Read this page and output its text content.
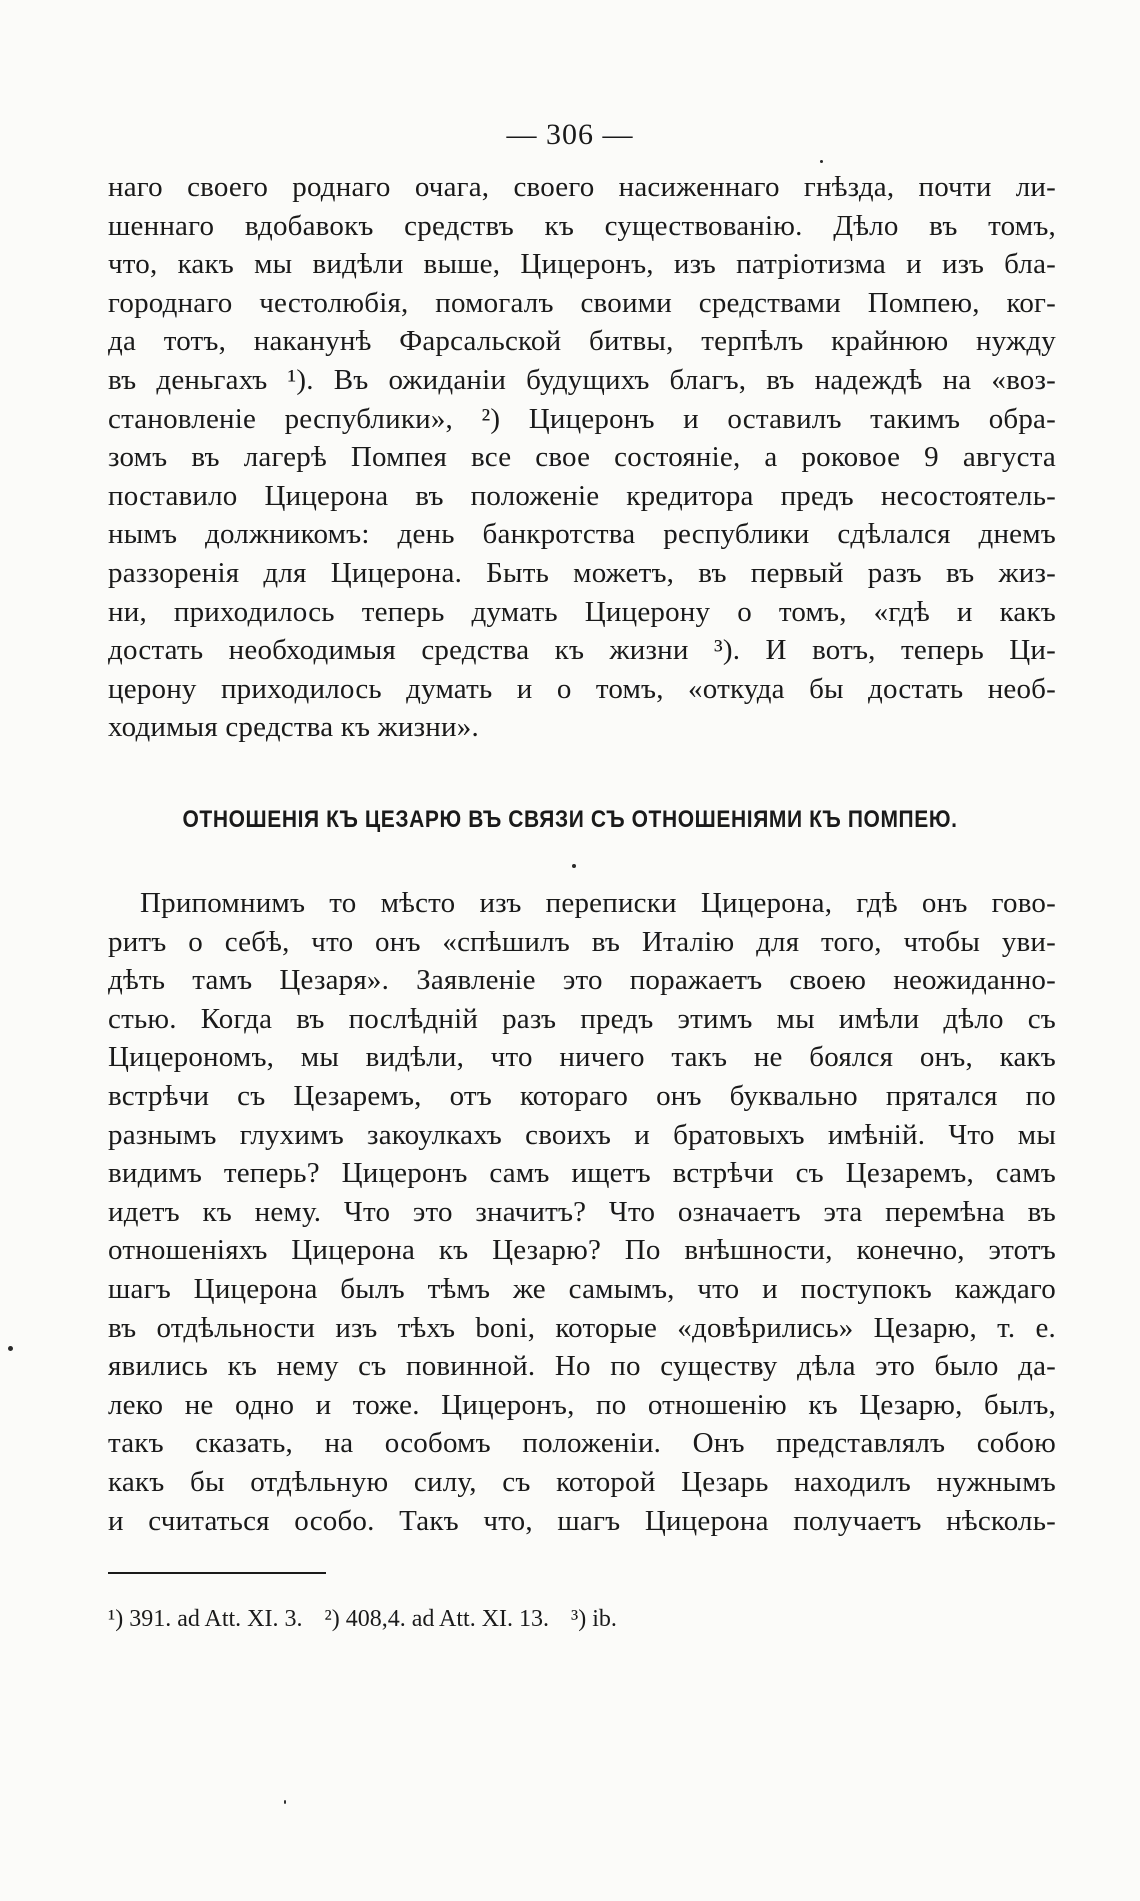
— 306 —
наго своего роднаго очага, своего насиженнаго гнѣзда, почти ли-
шеннаго вдобавокъ средствъ къ существованію. Дѣло въ томъ,
что, какъ мы видѣли выше, Цицеронъ, изъ патріотизма и изъ бла-
городнаго честолюбія, помогалъ своими средствами Помпею, ког-
да тотъ, наканунѣ Фарсальской битвы, терпѣлъ крайнюю нужду
въ деньгахъ ¹). Въ ожиданіи будущихъ благъ, въ надеждѣ на «воз-
становленіе республики», ²) Цицеронъ и оставилъ такимъ обра-
зомъ въ лагерѣ Помпея все свое состояніе, а роковое 9 августа
поставило Цицерона въ положеніе кредитора предъ несостоятель-
нымъ должникомъ: день банкротства республики сдѣлался днемъ
раззоренія для Цицерона. Быть можетъ, въ первый разъ въ жиз-
ни, приходилось теперь думать Цицерону о томъ, «гдѣ и какъ
достать необходимыя средства къ жизни ³). И вотъ, теперь Ци-
церону приходилось думать и о томъ, «откуда бы достать необ-
ходимыя средства къ жизни».
ОТНОШЕНІЯ КЪ ЦЕЗАРЮ ВЪ СВЯЗИ СЪ ОТНОШЕНІЯМИ КЪ ПОМПЕЮ.
Припомнимъ то мѣсто изъ переписки Цицерона, гдѣ онъ гово-
ритъ о себѣ, что онъ «спѣшилъ въ Италію для того, чтобы уви-
дѣть тамъ Цезаря». Заявленіе это поражаетъ своею неожиданно-
стью. Когда въ послѣдній разъ предъ этимъ мы имѣли дѣло съ
Цицерономъ, мы видѣли, что ничего такъ не боялся онъ, какъ
встрѣчи съ Цезаремъ, отъ котораго онъ буквально прятался по
разнымъ глухимъ закоулкахъ своихъ и братовыхъ имѣній. Что мы
видимъ теперь? Цицеронъ самъ ищетъ встрѣчи съ Цезаремъ, самъ
идетъ къ нему. Что это значитъ? Что означаетъ эта перемѣна въ
отношеніяхъ Цицерона къ Цезарю? По внѣшности, конечно, этотъ
шагъ Цицерона былъ тѣмъ же самымъ, что и поступокъ каждаго
въ отдѣльности изъ тѣхъ boni, которые «довѣрились» Цезарю, т. е.
явились къ нему съ повинной. Но по существу дѣла это было да-
леко не одно и тоже. Цицеронъ, по отношенію къ Цезарю, былъ,
такъ сказать, на особомъ положеніи. Онъ представлялъ собою
какъ бы отдѣльную силу, съ которой Цезарь находилъ нужнымъ
и считаться особо. Такъ что, шагъ Цицерона получаетъ нѣсколь-
¹) 391. ad Att. XI. 3. ²) 408,4. ad Att. XI. 13. ³) ib.
